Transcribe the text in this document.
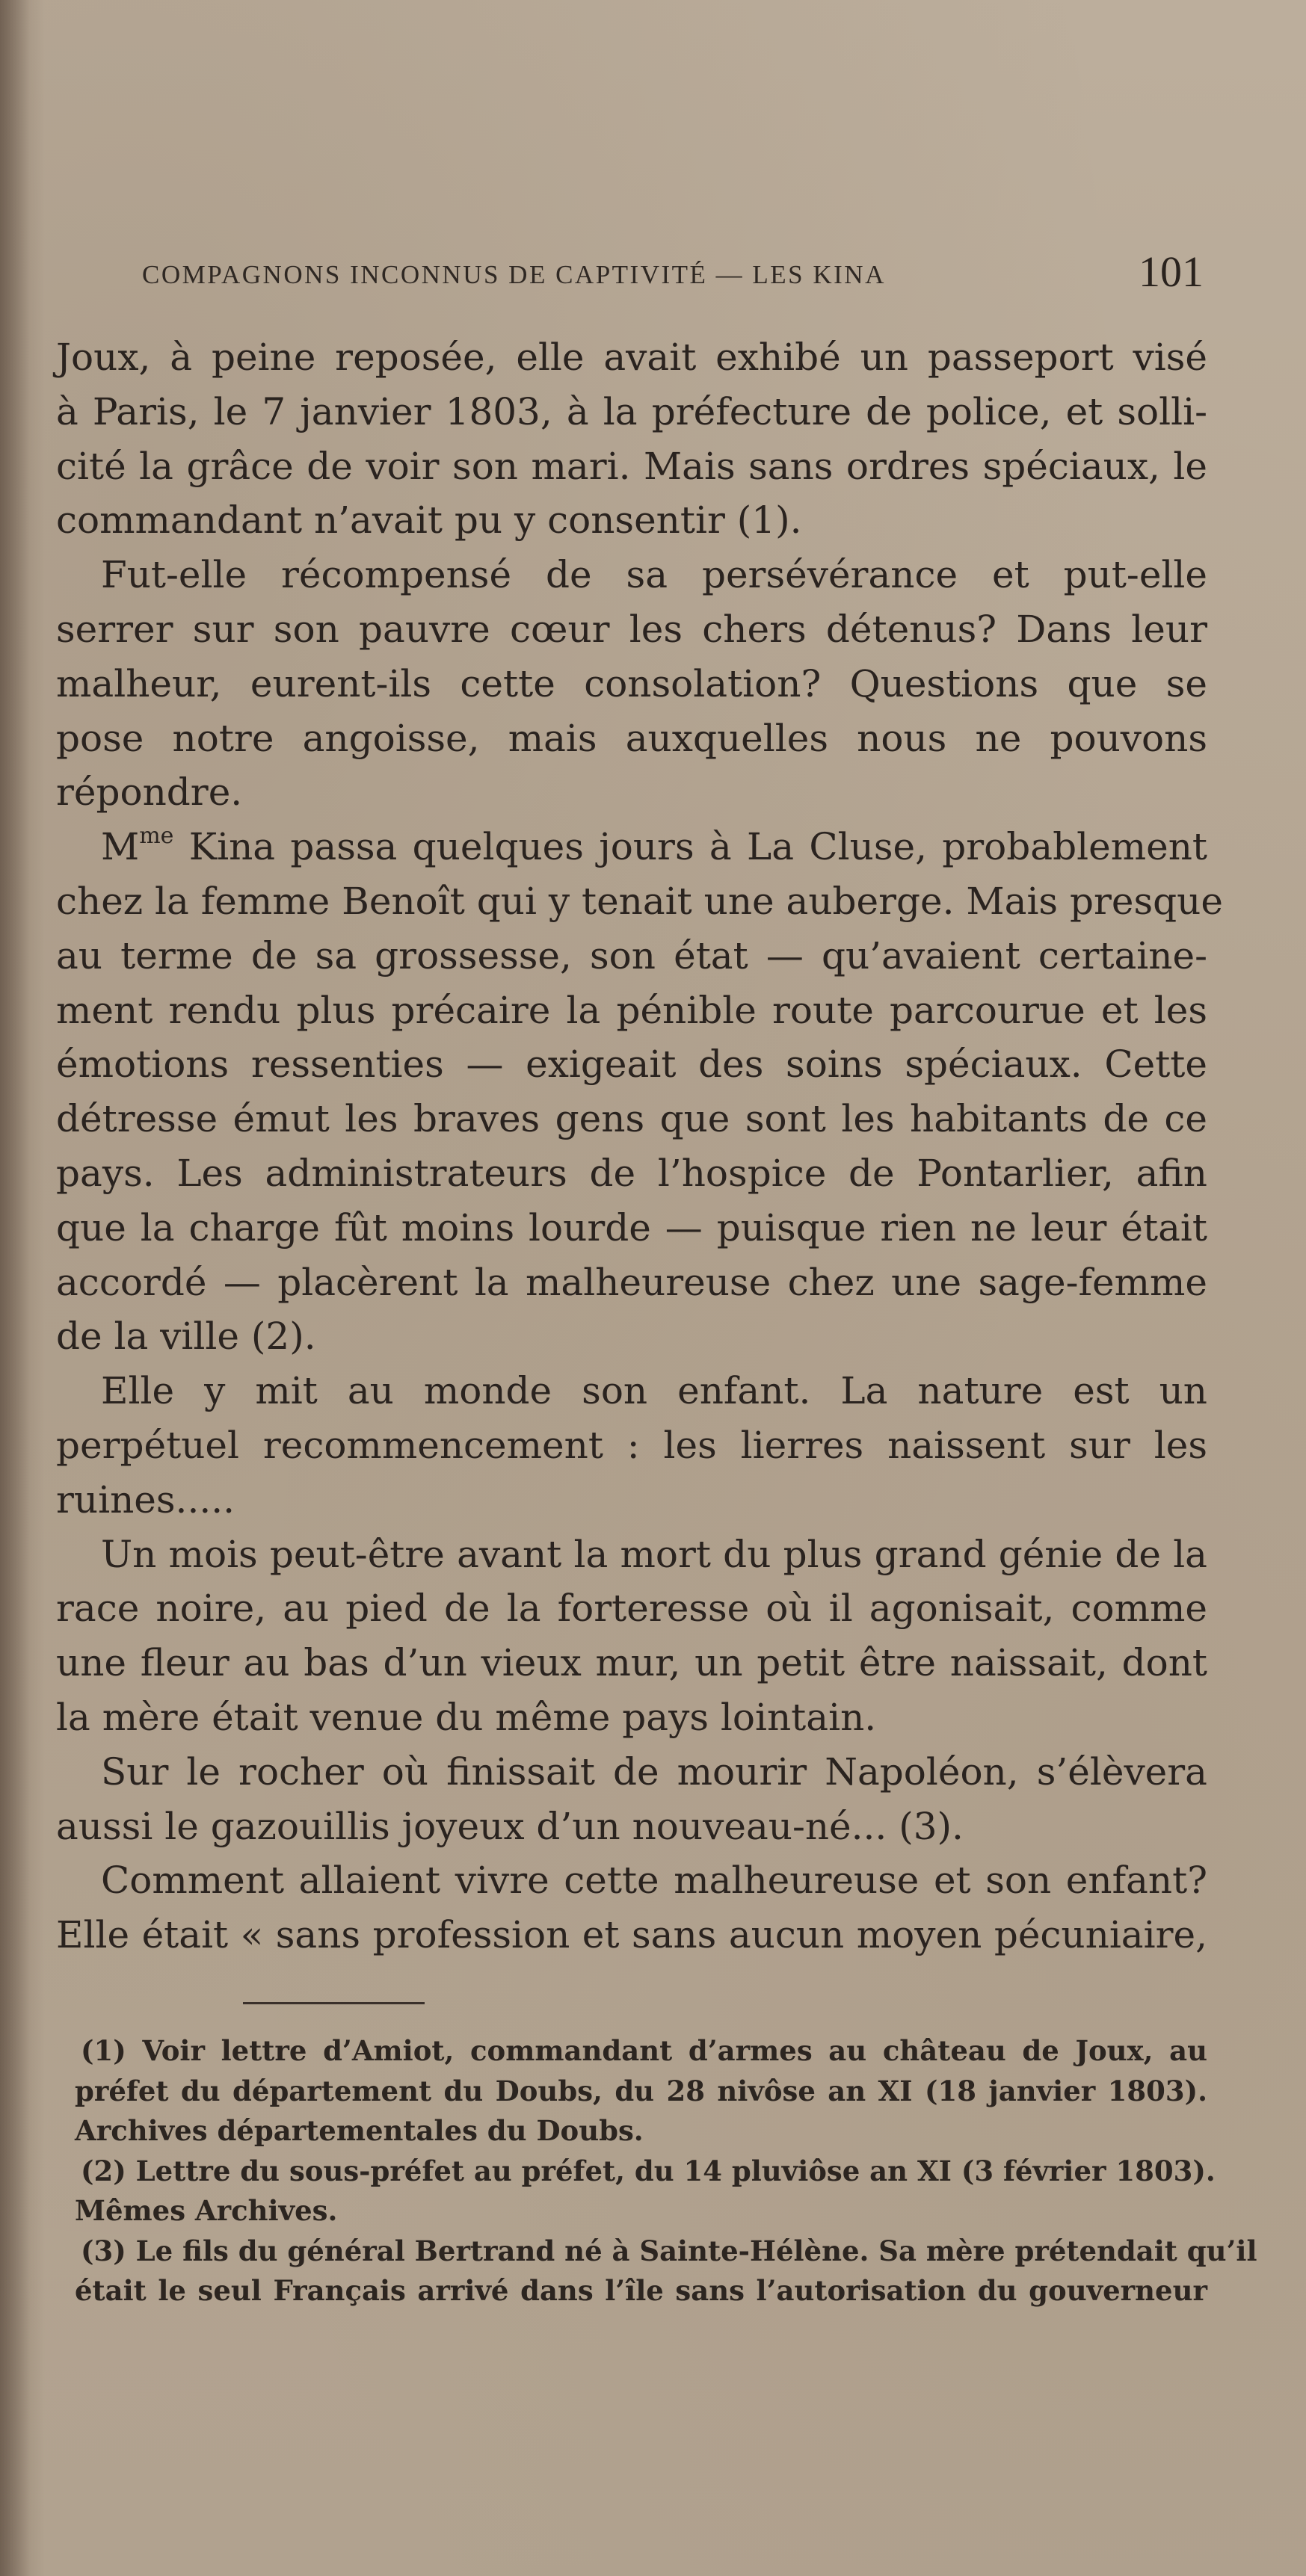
COMPAGNONS INCONNUS DE CAPTIVITÉ — LES KINA	101
Joux, à peine reposée, elle avait exhibé un passeport visé
à Paris, le 7 janvier 1803, à la préfecture de police, et solli-
cité la grâce de voir son mari. Mais sans ordres spéciaux, le
commandant n’avait pu y consentir (1).
Fut-elle récompensé de sa persévérance et put-elle
serrer sur son pauvre cœur les chers détenus? Dans leur
malheur, eurent-ils cette consolation? Questions que se
pose notre angoisse, mais auxquelles nous ne pouvons
répondre.
$M^{me}$ Kina passa quelques jours à La Cluse, probablement
chez la femme Benoît qui y tenait une auberge. Mais presque
au terme de sa grossesse, son état — qu’avaient certaine-
ment rendu plus précaire la pénible route parcourue et les
émotions ressenties — exigeait des soins spéciaux. Cette
détresse émut les braves gens que sont les habitants de ce
pays. Les administrateurs de l’hospice de Pontarlier, afin
que la charge fût moins lourde — puisque rien ne leur était
accordé — placèrent la malheureuse chez une sage-femme
de la ville (2).
Elle y mit au monde son enfant. La nature est un
perpétuel recommencement : les lierres naissent sur les
ruines.....
Un mois peut-être avant la mort du plus grand génie de la
race noire, au pied de la forteresse où il agonisait, comme
une fleur au bas d’un vieux mur, un petit être naissait, dont
la mère était venue du même pays lointain.
Sur le rocher où finissait de mourir Napoléon, s’élèvera
aussi le gazouillis joyeux d’un nouveau-né... (3).
Comment allaient vivre cette malheureuse et son enfant?
Elle était « sans profession et sans aucun moyen pécuniaire,
(1) Voir lettre d’Amiot, commandant d’armes au château de Joux, au
préfet du département du Doubs, du 28 nivôse an XI (18 janvier 1803).
Archives départementales du Doubs.
(2) Lettre du sous-préfet au préfet, du 14 pluviôse an XI (3 février 1803).
Mêmes Archives.
(3) Le fils du général Bertrand né à Sainte-Hélène. Sa mère prétendait qu’il
était le seul Français arrivé dans l’île sans l’autorisation du gouverneur
